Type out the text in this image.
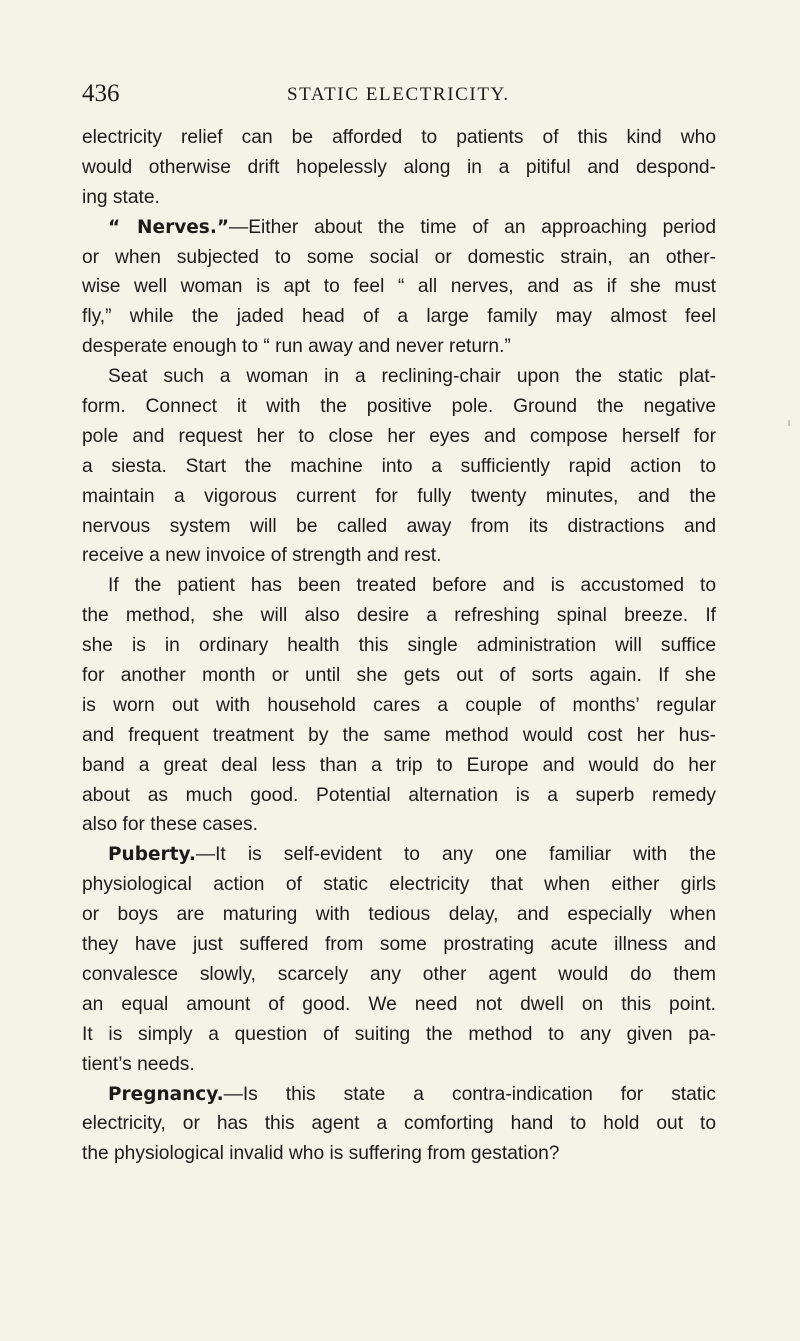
436	STATIC ELECTRICITY.
electricity relief can be afforded to patients of this kind who
would otherwise drift hopelessly along in a pitiful and despond-
ing state.
“ Nerves.”—Either about the time of an approaching period
or when subjected to some social or domestic strain, an other-
wise well woman is apt to feel “ all nerves, and as if she must
fly,” while the jaded head of a large family may almost feel
desperate enough to “ run away and never return.”
Seat such a woman in a reclining-chair upon the static plat-
form. Connect it with the positive pole. Ground the negative
pole and request her to close her eyes and compose herself for
a siesta. Start the machine into a sufficiently rapid action to
maintain a vigorous current for fully twenty minutes, and the
nervous system will be called away from its distractions and
receive a new invoice of strength and rest.
If the patient has been treated before and is accustomed to
the method, she will also desire a refreshing spinal breeze. If
she is in ordinary health this single administration will suffice
for another month or until she gets out of sorts again. If she
is worn out with household cares a couple of months’ regular
and frequent treatment by the same method would cost her hus-
band a great deal less than a trip to Europe and would do her
about as much good. Potential alternation is a superb remedy
also for these cases.
Puberty.—It is self-evident to any one familiar with the
physiological action of static electricity that when either girls
or boys are maturing with tedious delay, and especially when
they have just suffered from some prostrating acute illness and
convalesce slowly, scarcely any other agent would do them
an equal amount of good. We need not dwell on this point.
It is simply a question of suiting the method to any given pa-
tient’s needs.
Pregnancy.—Is this state a contra-indication for static
electricity, or has this agent a comforting hand to hold out to
the physiological invalid who is suffering from gestation?
